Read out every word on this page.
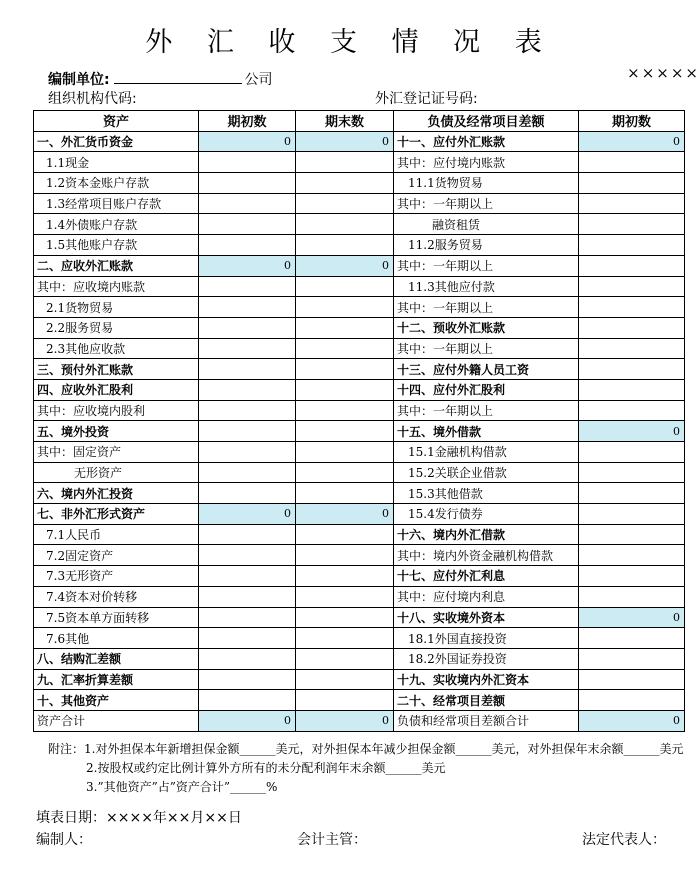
外 汇 收 支 情 况 表
×××××
编制单位:	公司
组织机构代码:	外汇登记证号码:
资产	期初数	期末数	负债及经常项目差额	期初数
一、外汇货币资金	0	0	十一、应付外汇账款	0
1.1现金			其中：应付境内账款	
1.2资本金账户存款			11.1货物贸易	
1.3经常项目账户存款			其中：一年期以上	
1.4外债账户存款			融资租赁	
1.5其他账户存款			11.2服务贸易	
二、应收外汇账款	0	0	其中：一年期以上	
其中：应收境内账款			11.3其他应付款	
2.1货物贸易			其中：一年期以上	
2.2服务贸易			十二、预收外汇账款	
2.3其他应收款			其中：一年期以上	
三、预付外汇账款			十三、应付外籍人员工资	
四、应收外汇股利			十四、应付外汇股利	
其中：应收境内股利			其中：一年期以上	
五、境外投资			十五、境外借款	0
其中：固定资产			15.1金融机构借款	
无形资产			15.2关联企业借款	
六、境内外汇投资			15.3其他借款	
七、非外汇形式资产	0	0	15.4发行债券	
7.1人民币			十六、境内外汇借款	
7.2固定资产			其中：境内外资金融机构借款	
7.3无形资产			十七、应付外汇利息	
7.4资本对价转移			其中：应付境内利息	
7.5资本单方面转移			十八、实收境外资本	0
7.6其他			18.1外国直接投资	
八、结购汇差额			18.2外国证券投资	
九、汇率折算差额			十九、实收境内外汇资本	
十、其他资产			二十、经常项目差额	
资产合计	0	0	负债和经常项目差额合计	0
附注：1.对外担保本年新增担保金额______美元，对外担保本年减少担保金额______美元，对外担保年末余额______美元
2.按股权或约定比例计算外方所有的未分配利润年末余额______美元
3.”其他资产”占”资产合计”______%
填表日期：××××年××月××日
编制人：	会计主管：	法定代表人：
